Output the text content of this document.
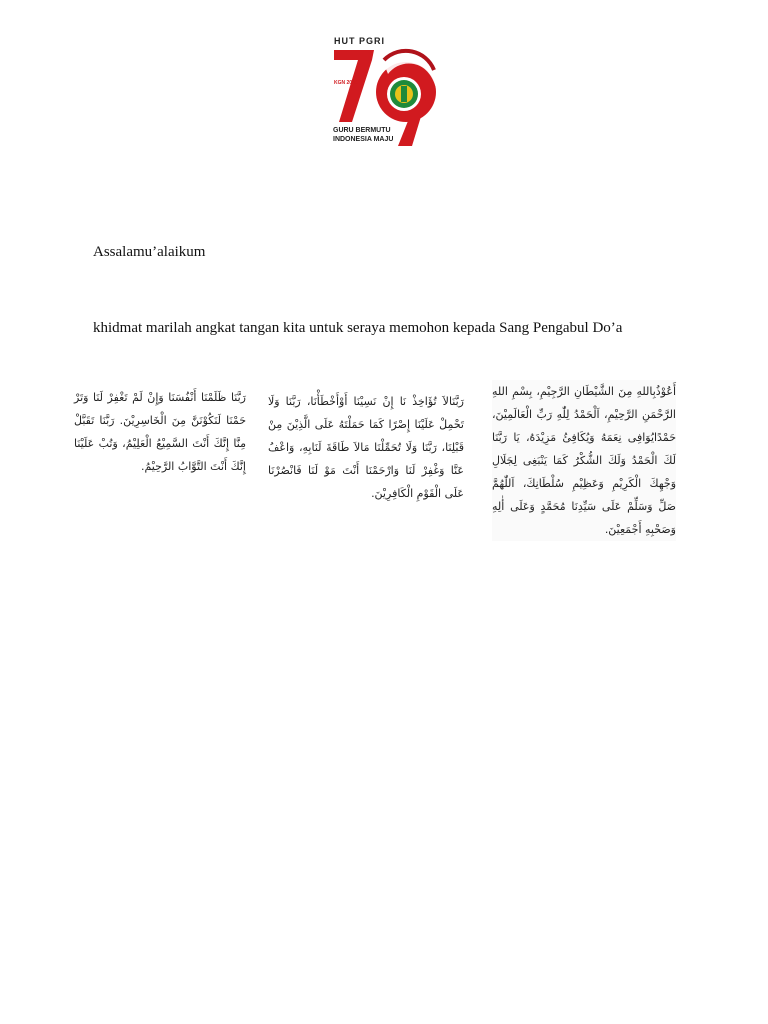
HUT PGRI
KGN 2024
GURU BERMUTU
INDONESIA MAJU
Assalamu’alaikum
khidmat marilah angkat tangan kita untuk seraya memohon kepada Sang Pengabul Do’a
أَعُوْذُبِاللهِ مِنَ الشَّيْطَانِ الرَّجِيْمِ، بِسْمِ اللهِ الرَّحْمَنِ الرَّحِيْمِ، اَلْحَمْدُ لِلّٰهِ رَبِّ الْعَالَمِيْنَ، حَمْدًايُوَافِى نِعَمَهُ وَيُكَافِئُ مَزِيْدَهُ، يَا رَبَّنَا لَكَ الْحَمْدُ وَلَكَ الشُّكْرُ كَمَا يَنْبَغِى لِجَلَالِ وَجْهِكَ الْكَرِيْمِ وَعَظِيْمِ سُلْطَانِكَ، اَللّٰهُمَّ صَلِّ وَسَلِّمْ عَلَى سَيِّدِنَا مُحَمَّدٍ وَعَلَى أٰلِهِ وَصَحْبِهِ أَجْمَعِيْنَ.
رَبَّنَالاَ تُؤَاخِذْ نَا إِنْ نَسِيْنَا أَوْأَخْطَأْنَا، رَبَّنَا وَلَا تَحْمِلْ عَلَيْنَا إِصْرًا كَمَا حَمَلْتَهُ عَلَى الَّذِيْنَ مِنْ قَبْلِنَا، رَبَّنَا وَلَا تُحَمِّلْنَا مَالاَ طَاقَةَ لَنَابِهِ، وَاعْفُ عَنَّا وَغْفِرْ لَنَا وَارْحَمْنَا أَنْتَ مَوْ لَنَا فَانْصُرْنَا عَلَى الْقَوْمِ الْكَافِرِيْنَ.
رَبَّنَا ظَلَمْنَا أَنْفُسَنَا وَإِنْ لَمْ تَغْفِرْ لَنَا وَتَرْ حَمْنَا لَنَكُوْنَنَّ مِنَ الْخَاسِرِيْنَ. رَبَّنَا تَقَبَّلْ مِنَّا إِنَّكَ أَنْتَ السَّمِيْعُ الْعَلِيْمُ، وَتُبْ عَلَيْنَا إِنَّكَ أَنْتَ التَّوَّابُ الرَّحِيْمُ.
